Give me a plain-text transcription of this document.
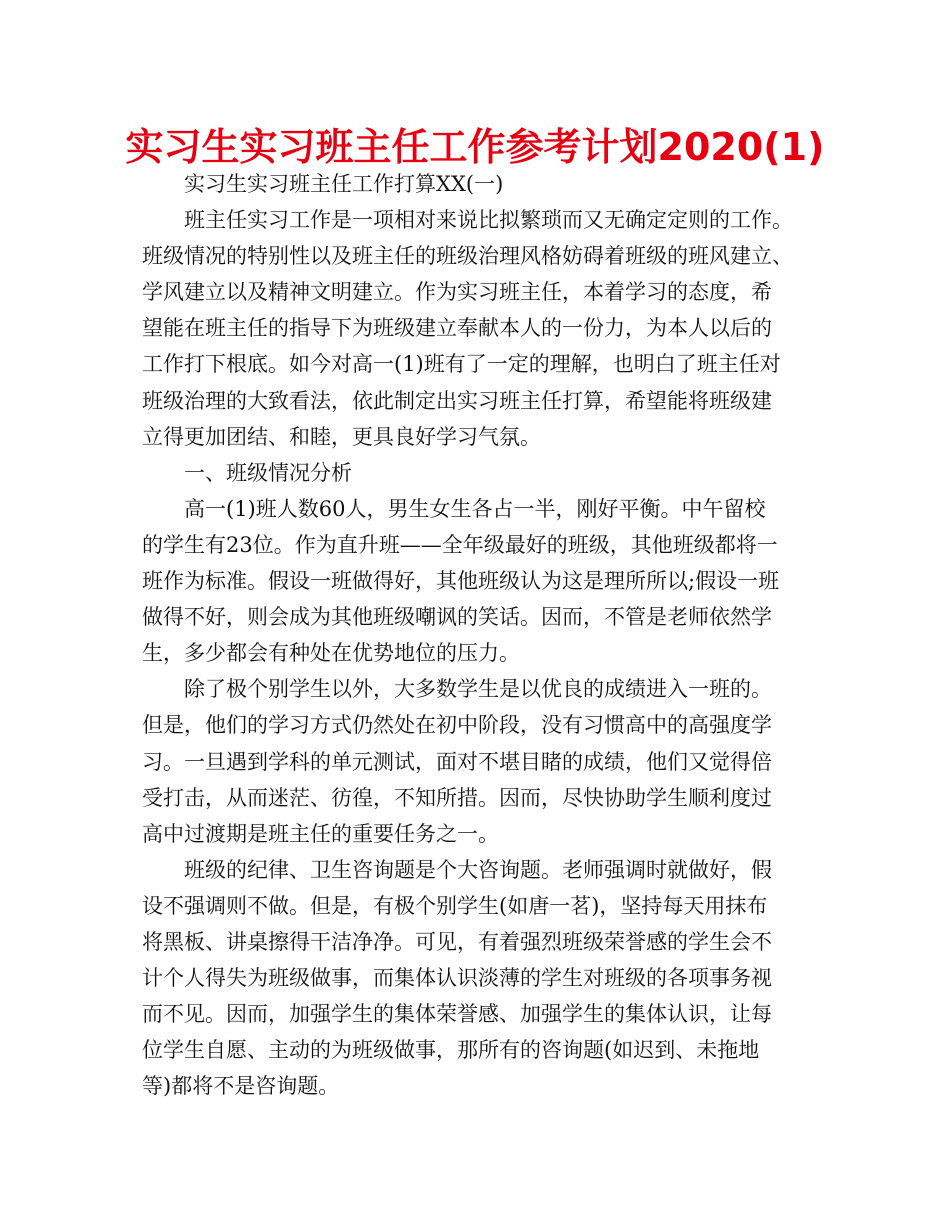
实习生实习班主任工作参考计划2020(1)
实习生实习班主任工作打算XX(一)
班主任实习工作是一项相对来说比拟繁琐而又无确定定则的工作。
班级情况的特别性以及班主任的班级治理风格妨碍着班级的班风建立、
学风建立以及精神文明建立。作为实习班主任，本着学习的态度，希
望能在班主任的指导下为班级建立奉献本人的一份力，为本人以后的
工作打下根底。如今对高一(1)班有了一定的理解，也明白了班主任对
班级治理的大致看法，依此制定出实习班主任打算，希望能将班级建
立得更加团结、和睦，更具良好学习气氛。
一、班级情况分析
高一(1)班人数60人，男生女生各占一半，刚好平衡。中午留校
的学生有23位。作为直升班——全年级最好的班级，其他班级都将一
班作为标准。假设一班做得好，其他班级认为这是理所所以;假设一班
做得不好，则会成为其他班级嘲讽的笑话。因而，不管是老师依然学
生，多少都会有种处在优势地位的压力。
除了极个别学生以外，大多数学生是以优良的成绩进入一班的。
但是，他们的学习方式仍然处在初中阶段，没有习惯高中的高强度学
习。一旦遇到学科的单元测试，面对不堪目睹的成绩，他们又觉得倍
受打击，从而迷茫、彷徨，不知所措。因而，尽快协助学生顺利度过
高中过渡期是班主任的重要任务之一。
班级的纪律、卫生咨询题是个大咨询题。老师强调时就做好，假
设不强调则不做。但是，有极个别学生(如唐一茗)，坚持每天用抹布
将黑板、讲桌擦得干洁净净。可见，有着强烈班级荣誉感的学生会不
计个人得失为班级做事，而集体认识淡薄的学生对班级的各项事务视
而不见。因而，加强学生的集体荣誉感、加强学生的集体认识，让每
位学生自愿、主动的为班级做事，那所有的咨询题(如迟到、未拖地
等)都将不是咨询题。
